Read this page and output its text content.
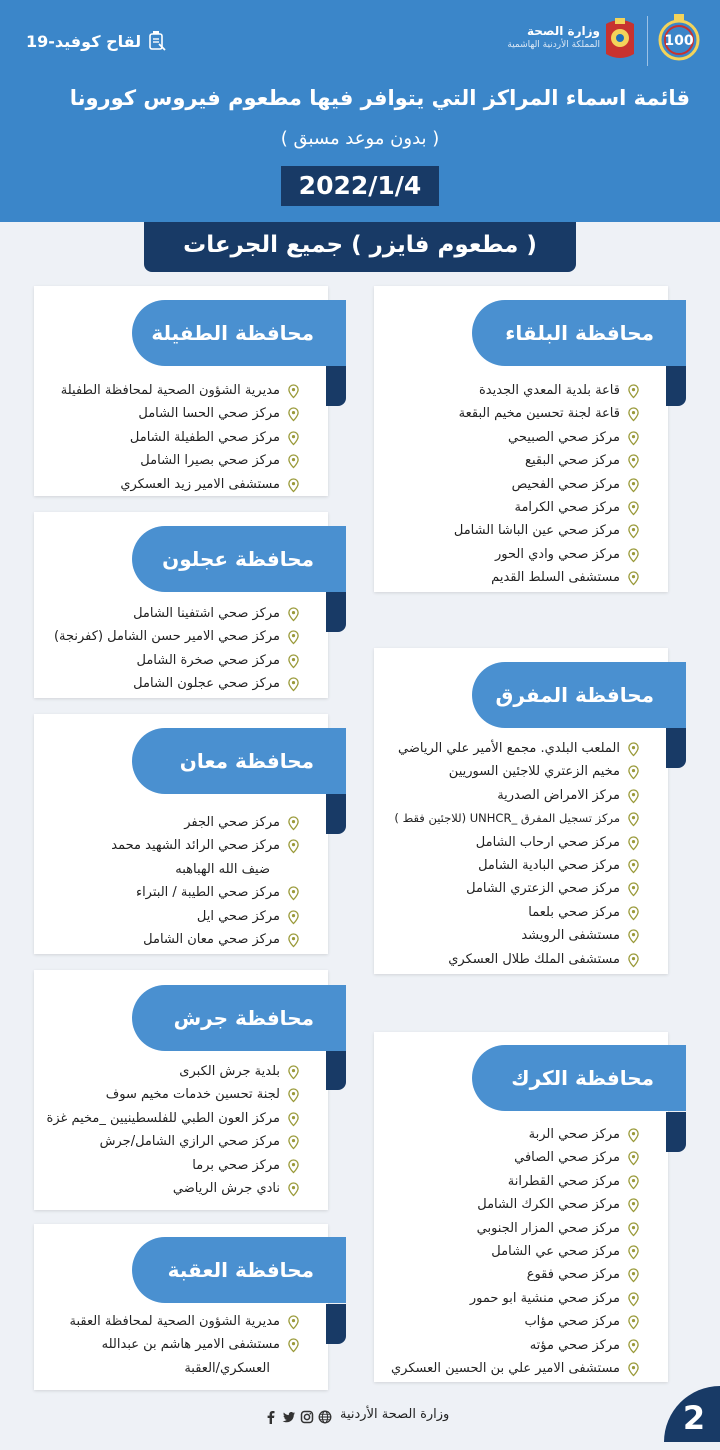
لقاح كوفيد-19
وزارة الصحة
المملكة الأردنية الهاشمية	100
قائمة اسماء المراكز التي يتوافر فيها مطعوم فيروس كورونا
( بدون موعد مسبق )
2022/1/4
( مطعوم فايزر ) جميع الجرعات
محافظة البلقاء
قاعة بلدية المعدي الجديدة
قاعة لجنة تحسين مخيم البقعة
مركز صحي الصبيحي
مركز صحي البقيع
مركز صحي الفحيص
مركز صحي الكرامة
مركز صحي عين الباشا الشامل
مركز صحي وادي الحور
مستشفى السلط القديم
محافظة المفرق
الملعب البلدي. مجمع الأمير علي الرياضي
مخيم الزعتري للاجئين السوريين
مركز الامراض الصدرية
مركز تسجيل المفرق _UNHCR (للاجئين فقط )
مركز صحي ارحاب الشامل
مركز صحي البادية الشامل
مركز صحي الزعتري الشامل
مركز صحي بلعما
مستشفى الرويشد
مستشفى الملك طلال العسكري
محافظة الكرك
مركز صحي الربة
مركز صحي الصافي
مركز صحي القطرانة
مركز صحي الكرك الشامل
مركز صحي المزار الجنوبي
مركز صحي عي الشامل
مركز صحي فقوع
مركز صحي منشية ابو حمور
مركز صحي مؤاب
مركز صحي مؤته
مستشفى الامير علي بن الحسين العسكري
محافظة الطفيلة
مديرية الشؤون الصحية لمحافظة الطفيلة
مركز صحي الحسا الشامل
مركز صحي الطفيلة الشامل
مركز صحي بصيرا الشامل
مستشفى الامير زيد العسكري
محافظة عجلون
مركز صحي اشتفينا الشامل
مركز صحي الامير حسن الشامل (كفرنجة)
مركز صحي صخرة الشامل
مركز صحي عجلون الشامل
محافظة معان
مركز صحي الجفر
مركز صحي الرائد الشهيد محمد
ضيف الله الهباهبه
مركز صحي الطيبة / البتراء
مركز صحي ايل
مركز صحي معان الشامل
محافظة جرش
بلدية جرش الكبرى
لجنة تحسين خدمات مخيم سوف
مركز العون الطبي للفلسطينيين _مخيم غزة
مركز صحي الرازي الشامل/جرش
مركز صحي برما
نادي جرش الرياضي
محافظة العقبة
مديرية الشؤون الصحية لمحافظة العقبة
مستشفى الامير هاشم بن عبدالله
العسكري/العقبة
وزارة الصحة الأردنية	2
